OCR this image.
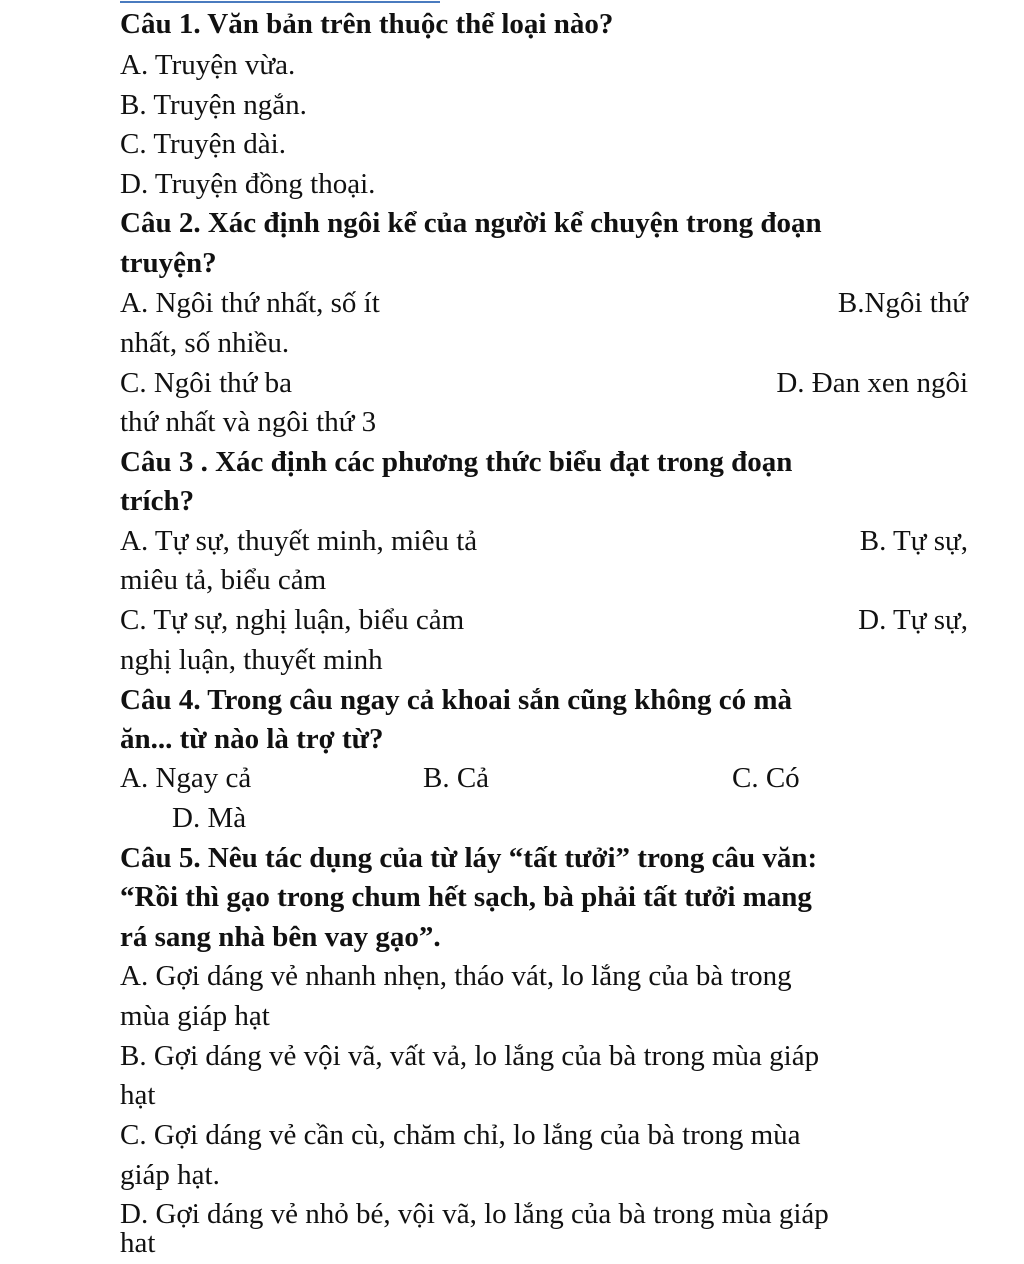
Câu 1. Văn bản trên thuộc thể loại nào?
A. Truyện vừa.
B. Truyện ngắn.
C. Truyện dài.
D. Truyện đồng thoại.
Câu 2. Xác định ngôi kể của người kể chuyện trong đoạn
truyện?
A. Ngôi thứ nhất, số ít	B.Ngôi thứ
nhất, số nhiều.
C. Ngôi thứ ba	D. Đan xen ngôi
thứ nhất và ngôi thứ 3
Câu 3 . Xác định các phương thức biểu đạt trong đoạn
trích?
A. Tự sự, thuyết minh, miêu tả	B. Tự sự,
miêu tả, biểu cảm
C. Tự sự, nghị luận, biểu cảm	D. Tự sự,
nghị luận, thuyết minh
Câu 4. Trong câu ngay cả khoai sắn cũng không có mà
ăn... từ nào là trợ từ?
A. Ngay cả	B. Cả	C. Có
D. Mà
Câu 5. Nêu tác dụng của từ láy “tất tưởi” trong câu văn:
“Rồi thì gạo trong chum hết sạch, bà phải tất tưởi mang
rá sang nhà bên vay gạo”.
A. Gợi dáng vẻ nhanh nhẹn, tháo vát, lo lắng của bà trong
mùa giáp hạt
B. Gợi dáng vẻ vội vã, vất vả, lo lắng của bà trong mùa giáp
hạt
C. Gợi dáng vẻ cần cù, chăm chỉ, lo lắng của bà trong mùa
giáp hạt.
D. Gợi dáng vẻ nhỏ bé, vội vã, lo lắng của bà trong mùa giáp
hat
